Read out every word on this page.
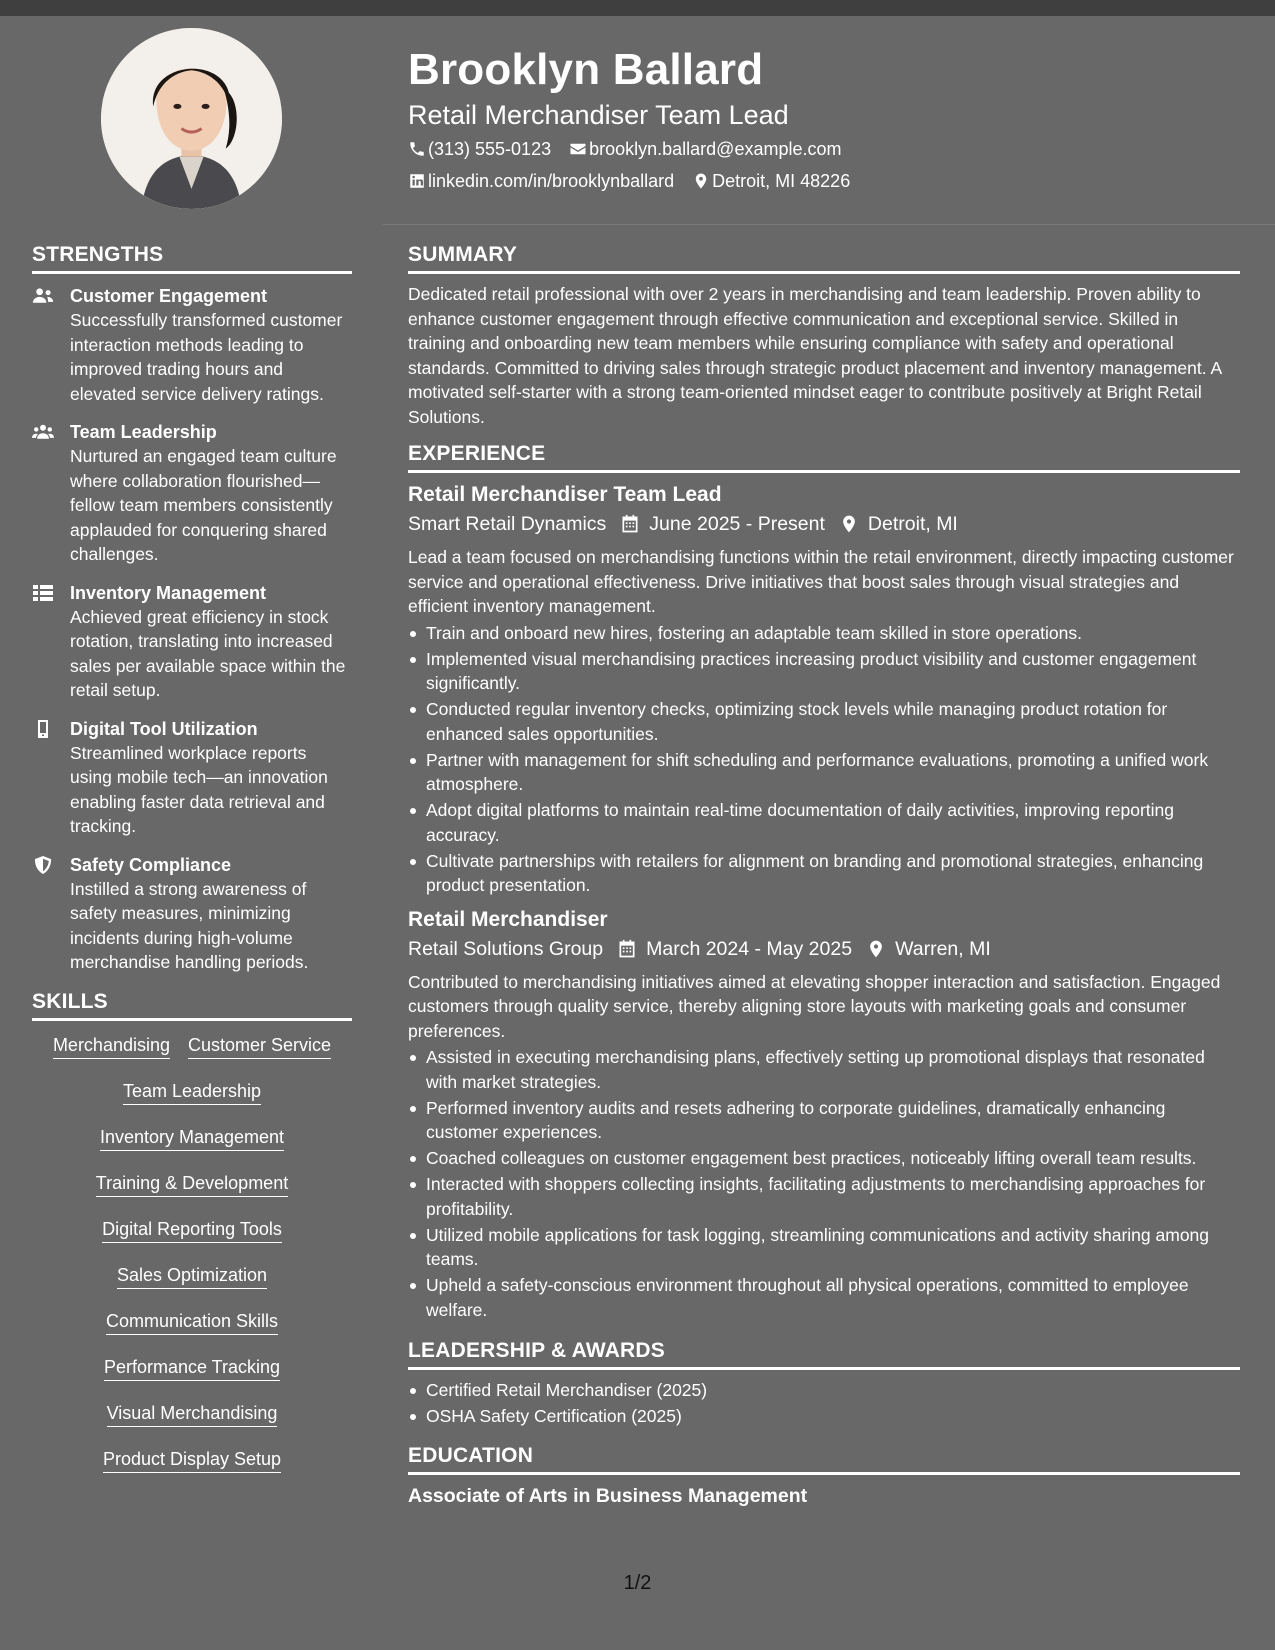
Brooklyn Ballard
Retail Merchandiser Team Lead
(313) 555-0123 brooklyn.ballard@example.com
linkedin.com/in/brooklynballard Detroit, MI 48226
STRENGTHS
Customer Engagement
Successfully transformed customer interaction methods leading to improved trading hours and elevated service delivery ratings.
Team Leadership
Nurtured an engaged team culture where collaboration flourished—fellow team members consistently applauded for conquering shared challenges.
Inventory Management
Achieved great efficiency in stock rotation, translating into increased sales per available space within the retail setup.
Digital Tool Utilization
Streamlined workplace reports using mobile tech—an innovation enabling faster data retrieval and tracking.
Safety Compliance
Instilled a strong awareness of safety measures, minimizing incidents during high-volume merchandise handling periods.
SKILLS
Merchandising Customer Service
Team Leadership
Inventory Management
Training & Development
Digital Reporting Tools
Sales Optimization
Communication Skills
Performance Tracking
Visual Merchandising
Product Display Setup
SUMMARY
Dedicated retail professional with over 2 years in merchandising and team leadership. Proven ability to enhance customer engagement through effective communication and exceptional service. Skilled in training and onboarding new team members while ensuring compliance with safety and operational standards. Committed to driving sales through strategic product placement and inventory management. A motivated self-starter with a strong team-oriented mindset eager to contribute positively at Bright Retail Solutions.
EXPERIENCE
Retail Merchandiser Team Lead
Smart Retail Dynamics June 2025 - Present Detroit, MI
Lead a team focused on merchandising functions within the retail environment, directly impacting customer service and operational effectiveness. Drive initiatives that boost sales through visual strategies and efficient inventory management.
Train and onboard new hires, fostering an adaptable team skilled in store operations.
Implemented visual merchandising practices increasing product visibility and customer engagement significantly.
Conducted regular inventory checks, optimizing stock levels while managing product rotation for enhanced sales opportunities.
Partner with management for shift scheduling and performance evaluations, promoting a unified work atmosphere.
Adopt digital platforms to maintain real-time documentation of daily activities, improving reporting accuracy.
Cultivate partnerships with retailers for alignment on branding and promotional strategies, enhancing product presentation.
Retail Merchandiser
Retail Solutions Group March 2024 - May 2025 Warren, MI
Contributed to merchandising initiatives aimed at elevating shopper interaction and satisfaction. Engaged customers through quality service, thereby aligning store layouts with marketing goals and consumer preferences.
Assisted in executing merchandising plans, effectively setting up promotional displays that resonated with market strategies.
Performed inventory audits and resets adhering to corporate guidelines, dramatically enhancing customer experiences.
Coached colleagues on customer engagement best practices, noticeably lifting overall team results.
Interacted with shoppers collecting insights, facilitating adjustments to merchandising approaches for profitability.
Utilized mobile applications for task logging, streamlining communications and activity sharing among teams.
Upheld a safety-conscious environment throughout all physical operations, committed to employee welfare.
LEADERSHIP & AWARDS
Certified Retail Merchandiser (2025)
OSHA Safety Certification (2025)
EDUCATION
Associate of Arts in Business Management
1/2
